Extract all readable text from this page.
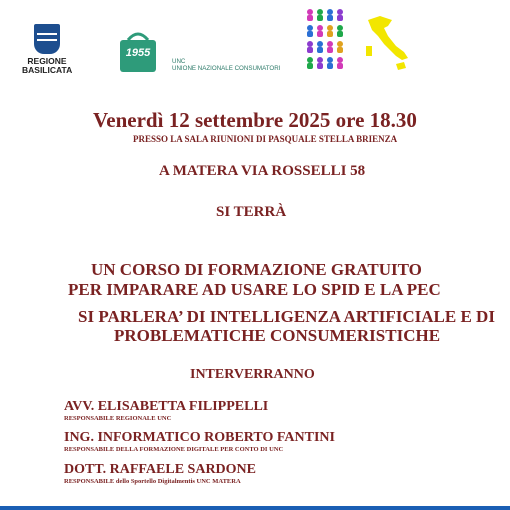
REGIONE
BASILICATA
1955
UNC
UNIONE NAZIONALE CONSUMATORI
Venerdì 12 settembre 2025 ore 18.30
PRESSO LA SALA RIUNIONI DI PASQUALE STELLA BRIENZA
A MATERA VIA ROSSELLI 58
SI TERRÀ
UN CORSO DI FORMAZIONE GRATUITO
PER IMPARARE AD USARE LO SPID E LA PEC
SI PARLERA’ DI INTELLIGENZA ARTIFICIALE E DI
PROBLEMATICHE CONSUMERISTICHE
INTERVERRANNO
AVV. ELISABETTA FILIPPELLI
RESPONSABILE REGIONALE UNC
ING. INFORMATICO ROBERTO FANTINI
RESPONSABILE DELLA FORMAZIONE DIGITALE PER CONTO DI UNC
DOTT. RAFFAELE SARDONE
RESPONSABILE dello Sportello Digitalmentis UNC MATERA
